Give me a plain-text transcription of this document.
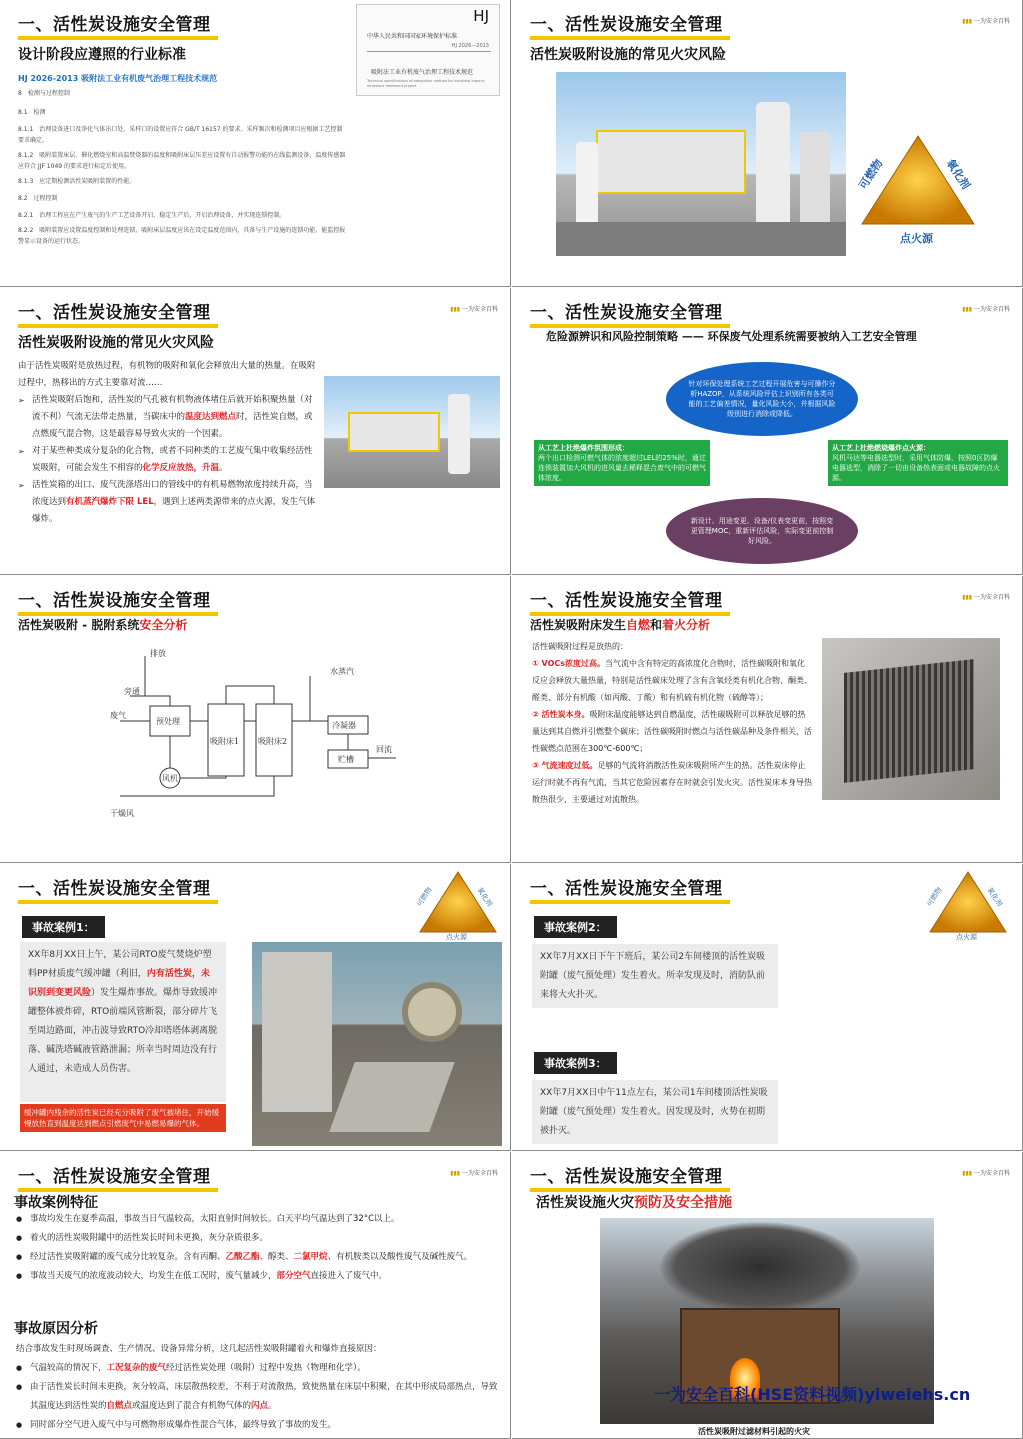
一、活性炭设施安全管理
设计阶段应遵照的行业标准
HJ 2026-2013 吸附法工业有机废气治理工程技术规范
8　检测与过程控制
8.1　检测
8.1.1　治理设备进口及净化气体出口处，采样口的设置应符合 GB/T 16157 的要求。采样频次和检测项目应根据工艺控制要求确定。
8.1.2　吸附装置床层、催化燃烧室和高温焚烧器的温度和吸附床层压差应设置有自动报警功能的在线监测设备，温度传感器应符合 JJF 1049 的要求进行标定后使用。
8.1.3　应定期检测活性炭吸附装置的性能。
8.2　过程控制
8.2.1　治理工程应在产生废气的生产工艺设备开启、稳定生产后，开启治理设备，并实现连锁控制。
8.2.2　吸附装置应设置温度控制和处理连锁，吸附床层温度应该在设定温度范围内，具备与生产设施的连锁功能，能监控报警显示设备的运行状态。
HJ
中华人民共和国国家环境保护标准
HJ 2026—2013
吸附法工业有机废气治理工程技术规范
Technical specifications of adsorption method for industrial organic emissions treatment project
一、活性炭设施安全管理	▮▮▮ 一为安全百科
活性炭吸附设施的常见火灾风险
可燃物	氧化剂
点火源
一、活性炭设施安全管理	▮▮▮ 一为安全百科
活性炭吸附设施的常见火灾风险
由于活性炭吸附是放热过程，有机物的吸附和氧化会释放出大量的热量。在吸附过程中，热移出的方式主要靠对流……
➢ 活性炭吸附后饱和，活性炭的气孔被有机物液体堵住后就开始积聚热量（对流不利）气流无法带走热量，当碳床中的温度达到燃点时，活性炭自燃，或点燃废气混合物，这是最容易导致火灾的一个因素。
➢ 对于某些种类成分复杂的化合物，或者不同种类的工艺废气集中收集经活性炭吸附，可能会发生不相容的化学反应放热，升温。
➢ 活性炭箱的出口、废气洗涤塔出口的管线中的有机易燃物浓度持续升高，当浓度达到有机蒸汽爆炸下限 LEL，遇到上述两类源带来的点火源，发生气体爆炸。
一、活性炭设施安全管理	▮▮▮ 一为安全百科
危险源辨识和风险控制策略 —— 环保废气处理系统需要被纳入工艺安全管理
针对环保处理系统工艺过程开展危害与可操作分析HAZOP，从系统风险评估上识别所有各类可能的工艺偏差情况，量化风险大小，并根据风险级别进行消除或降低。
从工艺上杜绝爆炸氛围形成：
两个出口检测可燃气体的浓度超过LEL的25%时，通过连锁装置加大风机的进风量去稀释混合废气中的可燃气体浓度。
从工艺上杜绝燃烧爆炸点火源：
风机马达等电器选型时，采用气体防爆，按照0区防爆电器选型，消除了一切由设备热表面或电器故障的点火源。
新设计、用途变更、设备/仪表变更前，按照变更管理MOC，重新评估风险，实际变更前控制好风险。
一、活性炭设施安全管理
活性炭吸附 - 脱附系统安全分析
排放
旁通
废气
预处理
吸附床1 吸附床2
风机
水蒸汽
冷凝器
贮槽
回流
干燥风
一、活性炭设施安全管理	▮▮▮ 一为安全百科
活性炭吸附床发生自燃和着火分析
活性碳吸附过程是放热的：
① VOCs浓度过高。当气流中含有特定的高浓度化合物时，活性碳吸附和氧化反应会释放大量热量，特别是活性碳床处理了含有含氧烃类有机化合物、酮类、醛类、部分有机酸（如丙酸、丁酸）和有机硫有机化物（硫醇等）；
② 活性炭本身。吸附床温度能够达到自燃温度，活性碳吸附可以释放足够的热量达到其自燃并引燃整个碳床；活性碳吸附时燃点与活性碳品种及条件相关，活性碳燃点范围在300℃-600℃；
③ 气流速度过低。足够的气流将消散活性炭床吸附所产生的热。活性炭床停止运行时就不再有气流，当其它危险因素存在时就会引发火灾。活性炭床本身导热散热很少，主要通过对流散热。
一、活性炭设施安全管理	可燃物	氧化剂
点火源
事故案例1：
XX年8月XX日上午，某公司RTO废气焚烧炉塑料PP材质废气缓冲罐（利旧，内有活性炭，未识别到变更风险）发生爆炸事故。爆炸导致缓冲罐整体被炸碎，RTO前端风管断裂，部分碎片飞至周边路面，冲击波导致RTO冷却塔塔体剥离脱落、碱洗塔碱液管路泄漏；所幸当时周边没有行人通过，未造成人员伤害。
缓冲罐内残余的活性炭已经充分吸附了废气被堵住，开始缓慢放热直到温度达到燃点引燃废气中易燃易爆的气体。
一、活性炭设施安全管理	可燃物	氧化剂
点火源
事故案例2：
XX年7月XX日下午下班后，某公司2车间楼顶的活性炭吸附罐（废气预处理）发生着火。所幸发现及时，消防队前来将大火扑灭。
事故案例3：
XX年7月XX日中午11点左右，某公司1车间楼顶活性炭吸附罐（废气预处理）发生着火。因发现及时，火势在初期被扑灭。
一、活性炭设施安全管理	▮▮▮ 一为安全百科
事故案例特征
● 事故均发生在夏季高温，事故当日气温较高，太阳直射时间较长。白天平均气温达到了32°C以上。
● 着火的活性炭吸附罐中的活性炭长时间未更换，灰分杂质很多。
● 经过活性炭吸附罐的废气成分比较复杂。含有丙酮、乙酸乙酯、醇类、二氯甲烷、有机胺类以及酸性废气及碱性废气。
● 事故当天废气的浓度波动较大，均发生在低工况时，废气量减少，部分空气直接进入了废气中。
事故原因分析
结合事故发生时现场调查、生产情况、设备异常分析，这几起活性炭吸附罐着火和爆炸直接原因：
● 气温较高的情况下，工况复杂的废气经过活性炭处理（吸附）过程中发热（物理和化学）。
● 由于活性炭长时间未更换，灰分较高，床层散热较差，不利于对流散热，致使热量在床层中积聚，在其中形成局部热点，导致其温度达到活性炭的自燃点或温度达到了混合有机物气体的闪点。
● 同时部分空气进入废气中与可燃物形成爆炸性混合气体，最终导致了事故的发生。
一、活性炭设施安全管理	▮▮▮ 一为安全百科
活性炭设施火灾预防及安全措施
活性炭吸附过滤材料引起的火灾
一为安全百科(HSE资料视频)yiweiehs.cn
